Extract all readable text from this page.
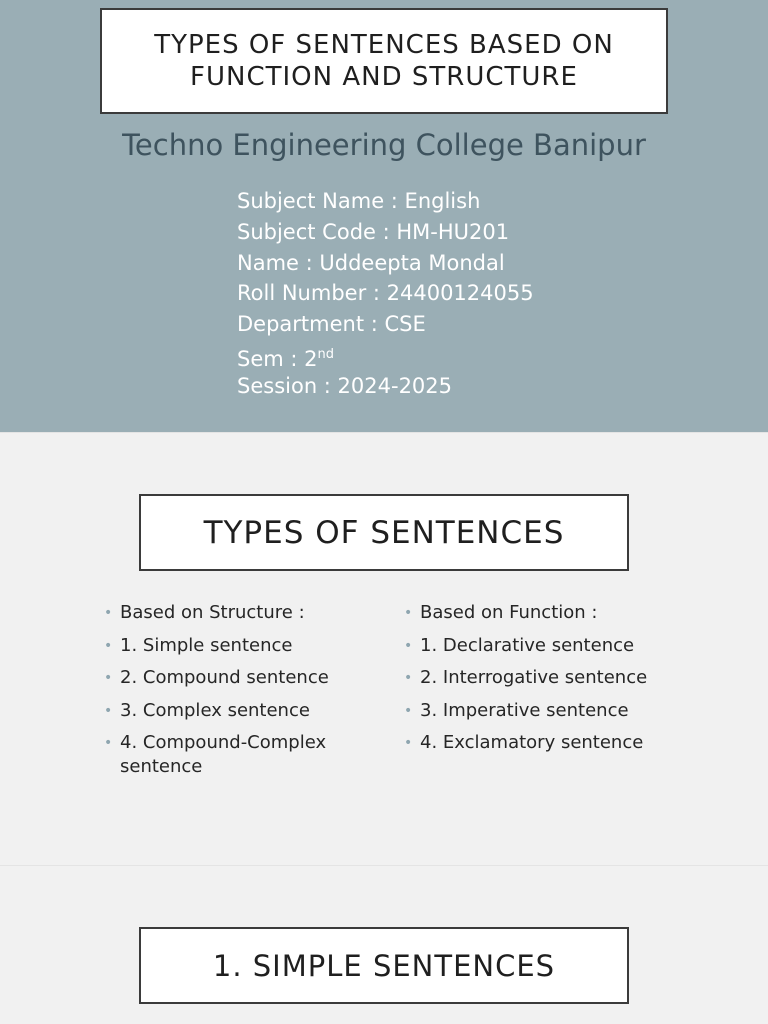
TYPES OF SENTENCES BASED ON FUNCTION AND STRUCTURE
Techno Engineering College Banipur
Subject Name : English
Subject Code : HM-HU201
Name : Uddeepta Mondal
Roll Number : 24400124055
Department : CSE
Sem : 2nd
Session : 2024-2025
TYPES OF SENTENCES
• Based on Structure :
• 1. Simple sentence
• 2. Compound sentence
• 3. Complex sentence
• 4. Compound-Complex sentence
• Based on Function :
• 1. Declarative sentence
• 2. Interrogative sentence
• 3. Imperative sentence
• 4. Exclamatory sentence
1. SIMPLE SENTENCES
